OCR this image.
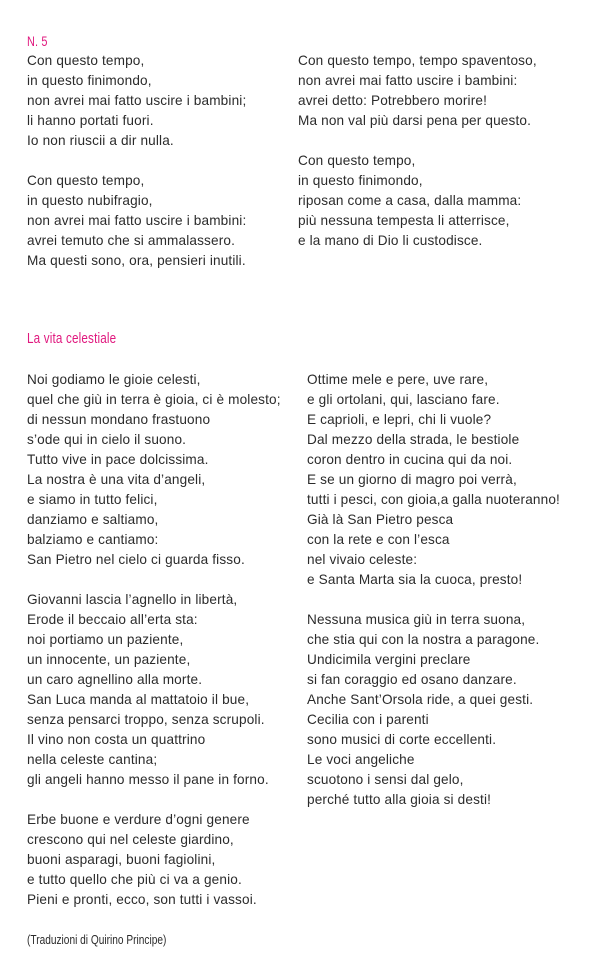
N. 5
Con questo tempo,
in questo finimondo,
non avrei mai fatto uscire i bambini;
li hanno portati fuori.
Io non riuscii a dir nulla.
Con questo tempo,
in questo nubifragio,
non avrei mai fatto uscire i bambini:
avrei temuto che si ammalassero.
Ma questi sono, ora, pensieri inutili.
Con questo tempo, tempo spaventoso,
non avrei mai fatto uscire i bambini:
avrei detto: Potrebbero morire!
Ma non val più darsi pena per questo.
Con questo tempo,
in questo finimondo,
riposan come a casa, dalla mamma:
più nessuna tempesta li atterrisce,
e la mano di Dio li custodisce.
La vita celestiale
Noi godiamo le gioie celesti,
quel che giù in terra è gioia, ci è molesto;
di nessun mondano frastuono
s’ode qui in cielo il suono.
Tutto vive in pace dolcissima.
La nostra è una vita d’angeli,
e siamo in tutto felici,
danziamo e saltiamo,
balziamo e cantiamo:
San Pietro nel cielo ci guarda fisso.
Giovanni lascia l’agnello in libertà,
Erode il beccaio all’erta sta:
noi portiamo un paziente,
un innocente, un paziente,
un caro agnellino alla morte.
San Luca manda al mattatoio il bue,
senza pensarci troppo, senza scrupoli.
Il vino non costa un quattrino
nella celeste cantina;
gli angeli hanno messo il pane in forno.
Erbe buone e verdure d’ogni genere
crescono qui nel celeste giardino,
buoni asparagi, buoni fagiolini,
e tutto quello che più ci va a genio.
Pieni e pronti, ecco, son tutti i vassoi.
Ottime mele e pere, uve rare,
e gli ortolani, qui, lasciano fare.
E caprioli, e lepri, chi li vuole?
Dal mezzo della strada, le bestiole
coron dentro in cucina qui da noi.
E se un giorno di magro poi verrà,
tutti i pesci, con gioia,a galla nuoteranno!
Già là San Pietro pesca
con la rete e con l’esca
nel vivaio celeste:
e Santa Marta sia la cuoca, presto!
Nessuna musica giù in terra suona,
che stia qui con la nostra a paragone.
Undicimila vergini preclare
si fan coraggio ed osano danzare.
Anche Sant’Orsola ride, a quei gesti.
Cecilia con i parenti
sono musici di corte eccellenti.
Le voci angeliche
scuotono i sensi dal gelo,
perché tutto alla gioia si desti!
(Traduzioni di Quirino Principe)
